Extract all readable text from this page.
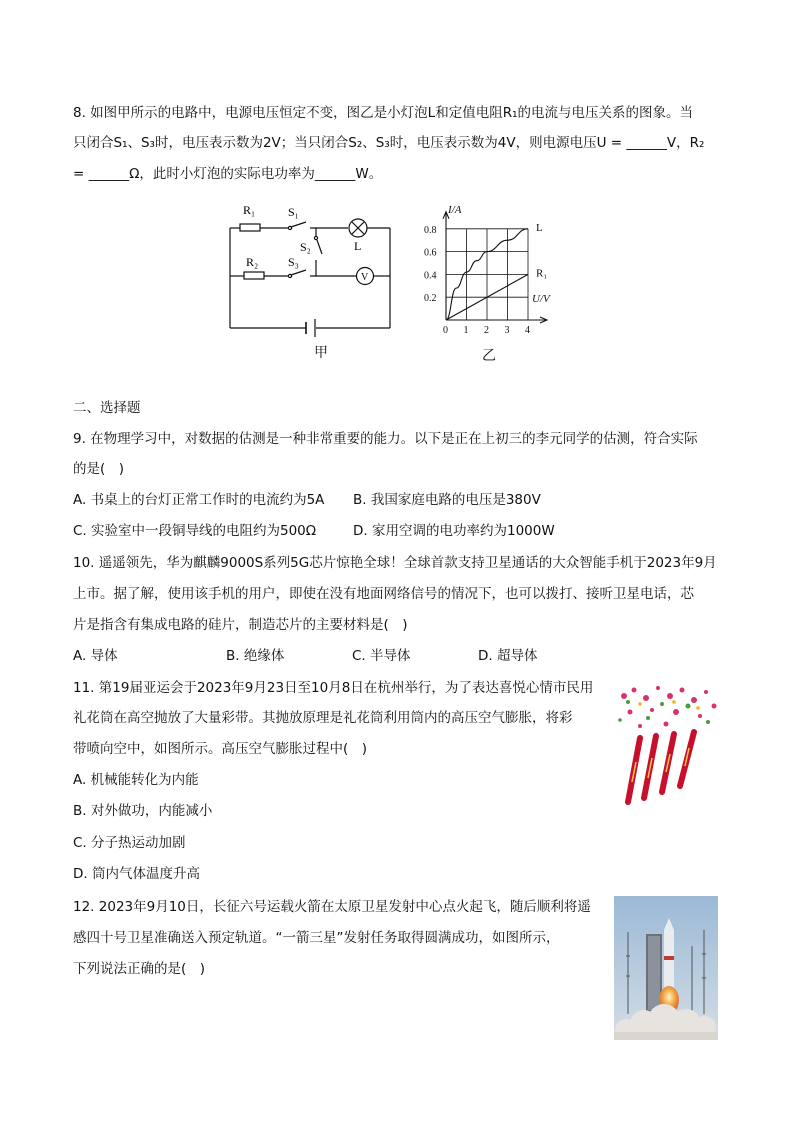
8. 如图甲所示的电路中，电源电压恒定不变，图乙是小灯泡L和定值电阻R₁的电流与电压关系的图象。当
只闭合S₁、S₃时，电压表示数为2V；当只闭合S₂、S₃时，电压表示数为4V，则电源电压U = ______V，R₂
= ______Ω，此时小灯泡的实际电功率为______W。
R₁	S₁
L
S₂
R₂ S₃
V
甲
0 1 2 3 4
0.2
0.4
0.6
0.8
I/A
U/V
L
R₁
乙
二、选择题
9. 在物理学习中，对数据的估测是一种非常重要的能力。以下是正在上初三的李元同学的估测，符合实际
的是(　)
A. 书桌上的台灯正常工作时的电流约为5A B. 我国家庭电路的电压是380V
C. 实验室中一段铜导线的电阻约为500Ω	D. 家用空调的电功率约为1000W
10. 遥遥领先，华为麒麟9000S系列5G芯片惊艳全球！全球首款支持卫星通话的大众智能手机于2023年9月
上市。据了解，使用该手机的用户，即使在没有地面网络信号的情况下，也可以拨打、接听卫星电话，芯
片是指含有集成电路的硅片，制造芯片的主要材料是(　)
A. 导体	B. 绝缘体	C. 半导体	D. 超导体
11. 第19届亚运会于2023年9月23日至10月8日在杭州举行，为了表达喜悦心情市民用
礼花筒在高空抛放了大量彩带。其抛放原理是礼花筒利用筒内的高压空气膨胀，将彩
带喷向空中，如图所示。高压空气膨胀过程中(　)
A. 机械能转化为内能
B. 对外做功，内能减小
C. 分子热运动加剧
D. 筒内气体温度升高
12. 2023年9月10日，长征六号运载火箭在太原卫星发射中心点火起飞，随后顺利将遥
感四十号卫星准确送入预定轨道。“一箭三星”发射任务取得圆满成功，如图所示，
下列说法正确的是(　)
